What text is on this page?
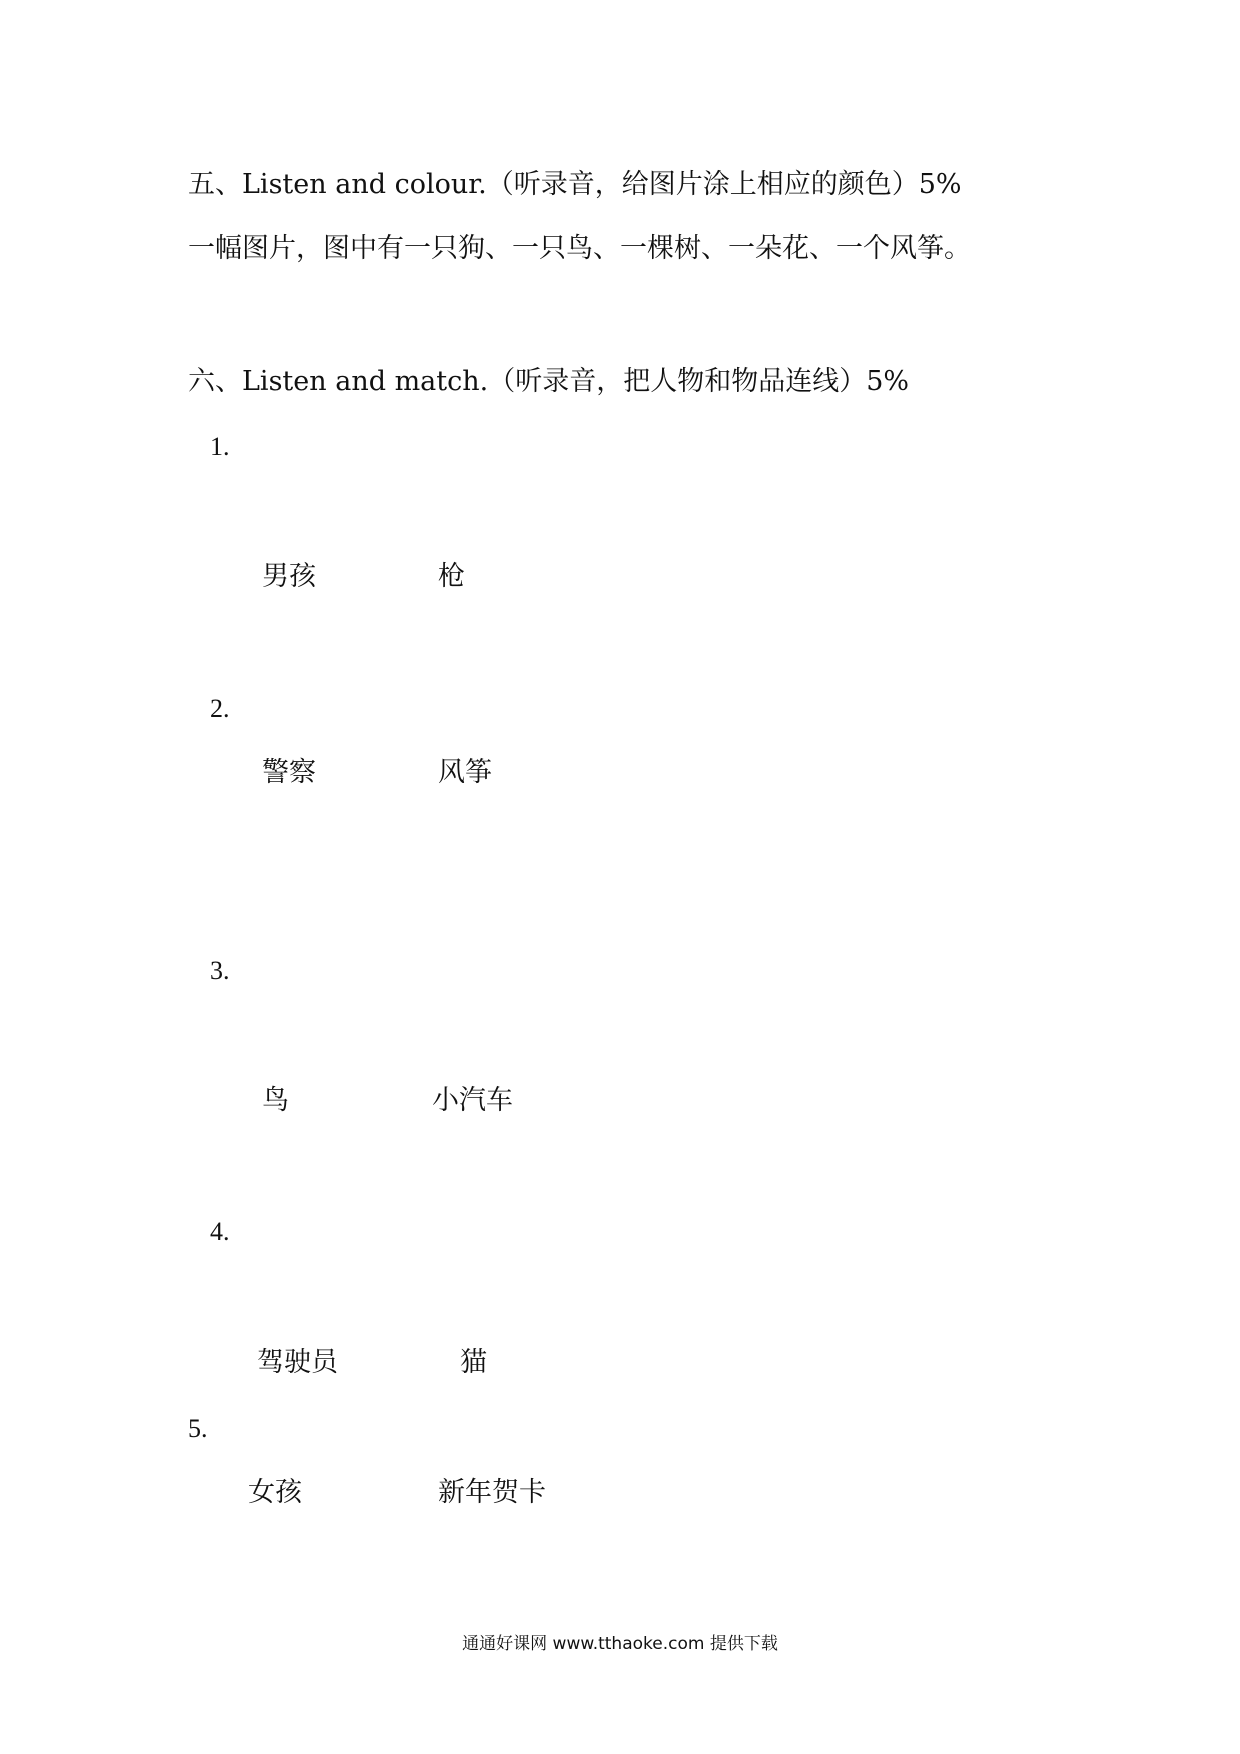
五、Listen and colour.（听录音，给图片涂上相应的颜色）5%
一幅图片，图中有一只狗、一只鸟、一棵树、一朵花、一个风筝。
六、Listen and match.（听录音，把人物和物品连线）5%
1.
男孩	枪
2.
警察	风筝
3.
鸟	小汽车
4.
驾驶员	猫
5.
女孩	新年贺卡
通通好课网 www.tthaoke.com 提供下载
